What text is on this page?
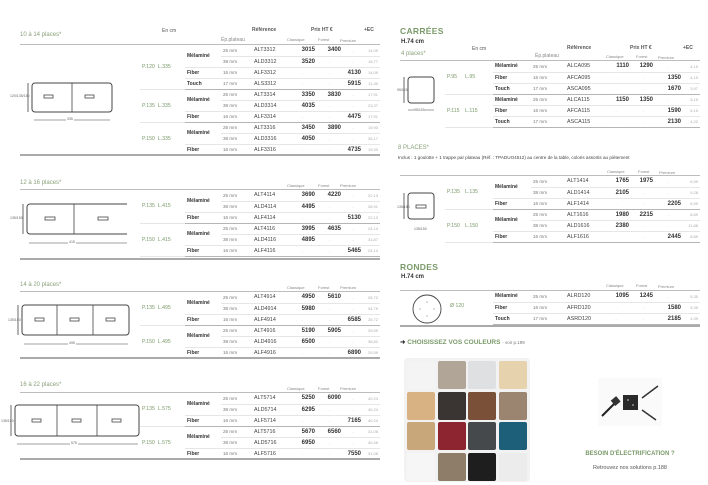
10 à 14 places*
En cm	Référence	Prix HT €	+EC
Ép.plateau	Classique	Forest	Premium
120/135/150
335
P.120 L.335	Mélaminé	25 mm	ALT3312	3015	3400	-	14,09
		38 mm	ALD3312	3520	-	-	18,77
	Fiber	16 mm	ALF3312	-	-	4130	14,09
	Touch	17 mm	ALS3312	-	-	5915	11,40
P.135 L.335	Mélaminé	25 mm	ALT3314	3350	3830	-	17,91
		38 mm	ALD3314	4035	-	-	23,37
	Fiber	16 mm	ALF3314	-	-	4475	17,91
P.150 L.335	Mélaminé	25 mm	ALT3316	3450	3890	-	19,93
		38 mm	ALD3316	4050	-	-	26,17
	Fiber	16 mm	ALF3316	-	-	4735	19,93
12 à 16 places*	Classique	Forest	Premium
135/150
415
P.135 L.415	Mélaminé	25 mm	ALT4114	3690	4220	-	22,13
		38 mm	ALD4114	4495	-	-	28,91
	Fiber	16 mm	ALF4114	-	-	5130	22,13
P.150 L.415	Mélaminé	25 mm	ALT4116	3995	4635	-	24,14
		38 mm	ALD4116	4895	-	-	31,87
	Fiber	16 mm	ALF4116	-	-	5465	24,14
14 à 20 places*	Classique	Forest	Premium
135/150
495
P.135 L.495	Mélaminé	25 mm	ALT4914	4950	5610	-	26,72
		38 mm	ALD4914	5980	-	-	34,79
	Fiber	16 mm	ALF4914	-	-	6585	26,72
P.150 L.495	Mélaminé	25 mm	ALT4916	5190	5905	-	29,59
		38 mm	ALD4916	6500	-	-	38,82
	Fiber	16 mm	ALF4916	-	-	6890	29,59
16 à 22 places*
Classique	Forest	Premium
135/150
575
P.135 L.575	Mélaminé	25 mm	ALT5714	5250	6090	-	40,24
		38 mm	ALD5714	6295	-	-	40,24
	Fiber	16 mm	ALF5714	-	-	7165	40,24
P.150 L.575	Mélaminé	25 mm	ALT5716	5670	6560	-	31,08
		38 mm	ALD5716	6950	-	-	40,46
	Fiber	16 mm	ALF5716	-	-	7550	31,08
CARRÉES
H.74 cm
4 places*
En cm	Référence	Prix HT €	+EC
Ép.plateau	Classique	Forest	Premium
95/115
95/115
P.95	L.95	Mélaminé	25 mm	ALCA095	1110	1290	-	4,15
		Fiber	16 mm	AFCA095	-	-	1350	4,15
		Touch	17 mm	ASCA095	-	-	1670	3,97
P.115	L.115	Mélaminé	25 mm	ALCA115	1150	1350	-	5,15
		Fiber	16 mm	AFCA115	-	-	1590	5,15
		Touch	17 mm	ASCA115	-	-	2130	4,22
8 PLACES*
Inclus : 1 goulotte + 1 trappe par plateau (Réf. : TPADUO4512) au centre de la table, coloris assortis au piètement
Classique	Forest Premium
135/150
135/150
P.135	L.135	Mélaminé	25 mm	ALT1414	1765	1975	-	6,99
			38 mm	ALD1414	2105	-	-	9,28
		Fiber	16 mm	ALF1414	-	-	2205	6,99
P.150	L.150	Mélaminé	25 mm	ALT1616	1980	2215	-	8,89
			38 mm	ALD1616	2380	-	-	11,88
		Fiber	16 mm	ALF1616	-	-	2445	8,89
RONDES
H.74 cm
Classique	Forest	Premium
Ø 120
Mélaminé	25 mm	ALRD120	1095	1245	-	5,35
Fiber	16 mm	AFRD120	-	-	1580	5,35
Touch	17 mm	ASRD120	-	-	2185	4,39
➜ CHOISISSEZ VOS COULEURS - voir p.199
BESOIN D'ÉLECTRIFICATION ?
Retrouvez nos solutions p.188
